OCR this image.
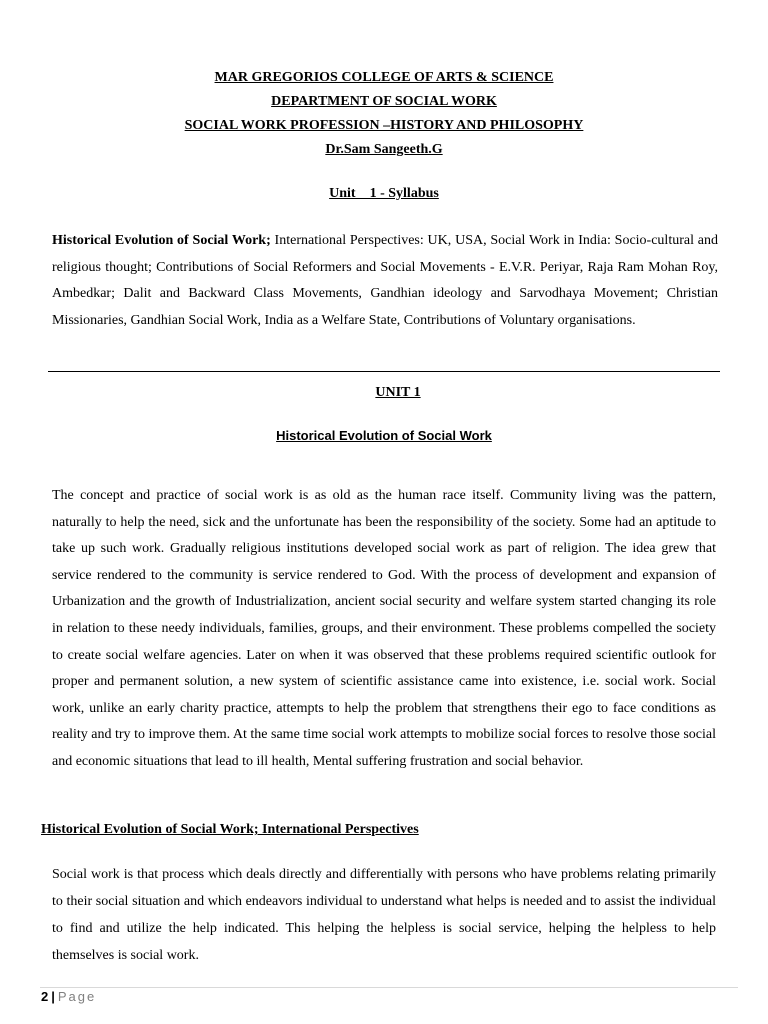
MAR GREGORIOS COLLEGE OF ARTS & SCIENCE
DEPARTMENT OF SOCIAL WORK
SOCIAL WORK PROFESSION –HISTORY AND PHILOSOPHY
Dr.Sam Sangeeth.G
Unit    1 - Syllabus
Historical Evolution of Social Work; International Perspectives: UK, USA, Social Work in India: Socio-cultural and religious thought; Contributions of Social Reformers and Social Movements - E.V.R. Periyar, Raja Ram Mohan Roy, Ambedkar; Dalit and Backward Class Movements, Gandhian ideology and Sarvodhaya Movement; Christian Missionaries, Gandhian Social Work, India as a Welfare State, Contributions of Voluntary organisations.
UNIT 1
Historical Evolution of Social Work
The concept and practice of social work is as old as the human race itself. Community living was the pattern, naturally to help the need, sick and the unfortunate has been the responsibility of the society. Some had an aptitude to take up such work. Gradually religious institutions developed social work as part of religion. The idea grew that service rendered to the community is service rendered to God. With the process of development and expansion of Urbanization and the growth of Industrialization, ancient social security and welfare system started changing its role in relation to these needy individuals, families, groups, and their environment. These problems compelled the society to create social welfare agencies. Later on when it was observed that these problems required scientific outlook for proper and permanent solution, a new system of scientific assistance came into existence, i.e. social work. Social work, unlike an early charity practice, attempts to help the problem that strengthens their ego to face conditions as reality and try to improve them. At the same time social work attempts to mobilize social forces to resolve those social and economic situations that lead to ill health, Mental suffering frustration and social behavior.
Historical Evolution of Social Work; International Perspectives
Social work is that process which deals directly and differentially with persons who have problems relating primarily to their social situation and which endeavors individual to understand what helps is needed and to assist the individual to find and utilize the help indicated. This helping the helpless is social service, helping the helpless to help themselves is social work.
2 | Page
